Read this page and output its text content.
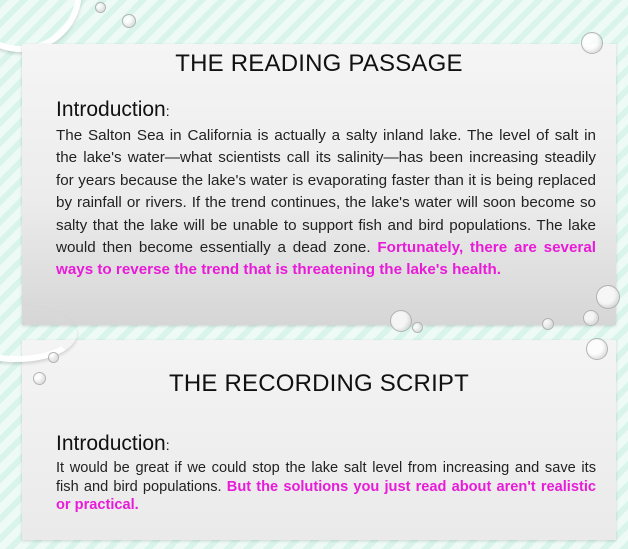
THE READING PASSAGE
Introduction:
The Salton Sea in California is actually a salty inland lake. The level of salt in the lake's water—what scientists call its salinity—has been increasing steadily for years because the lake's water is evaporating faster than it is being replaced by rainfall or rivers. If the trend continues, the lake's water will soon become so salty that the lake will be unable to support fish and bird populations. The lake would then become essentially a dead zone. Fortunately, there are several ways to reverse the trend that is threatening the lake's health.
THE RECORDING SCRIPT
Introduction:
It would be great if we could stop the lake salt level from increasing and save its fish and bird populations. But the solutions you just read about aren't realistic or practical.
